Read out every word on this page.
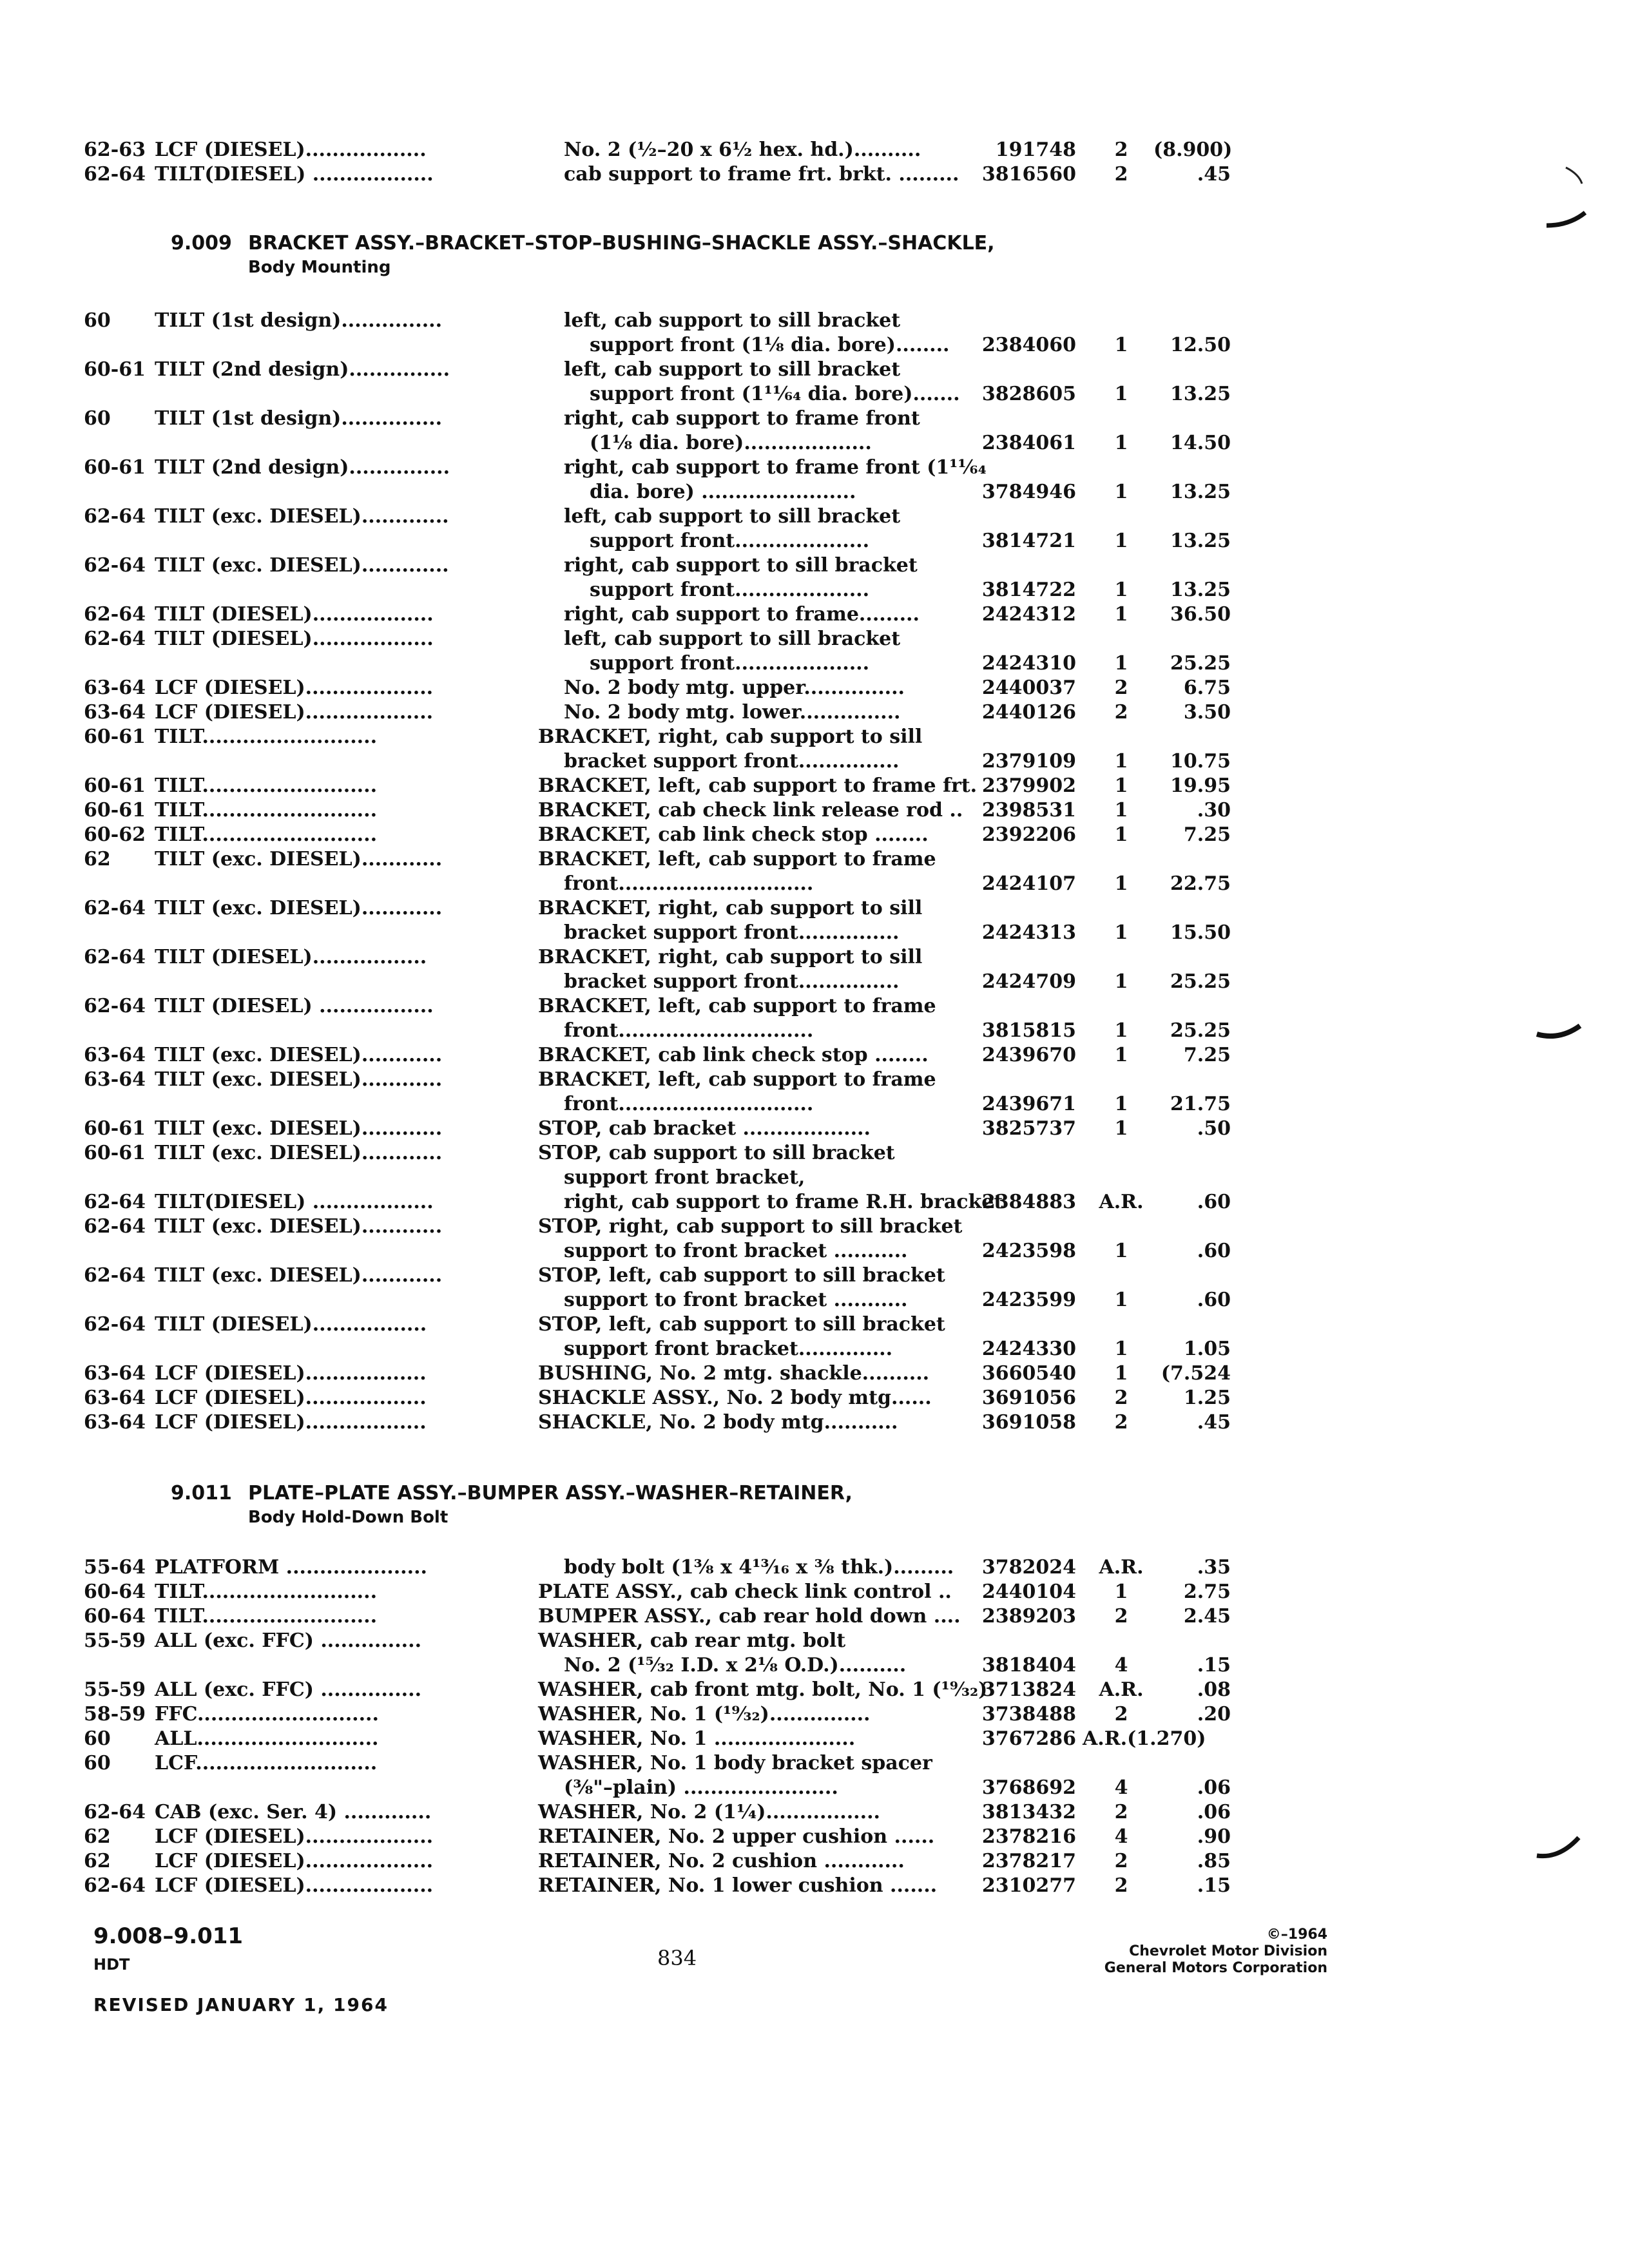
62-63 LCF (DIESEL)..................	No. 2 (½–20 x 6½ hex. hd.)..........	191748	2	(8.900)
62-64 TILT(DIESEL) ..................	cab support to frame frt. brkt. ......... 3816560	2	.45
9.009 BRACKET ASSY.–BRACKET–STOP–BUSHING–SHACKLE ASSY.–SHACKLE,
Body Mounting
60 TILT (1st design)...............	left, cab support to sill bracket
support front (1⅛ dia. bore)........ 2384060	1	12.50
60-61 TILT (2nd design)...............	left, cab support to sill bracket
support front (1¹¹⁄₆₄ dia. bore)....... 3828605	1	13.25
60 TILT (1st design)...............	right, cab support to frame front
(1⅛ dia. bore)...................	2384061	1	14.50
60-61 TILT (2nd design)...............	right, cab support to frame front (1¹¹⁄₆₄
dia. bore) .......................	3784946	1	13.25
62-64 TILT (exc. DIESEL).............	left, cab support to sill bracket
support front....................	3814721	1	13.25
62-64 TILT (exc. DIESEL).............	right, cab support to sill bracket
support front....................	3814722	1	13.25
62-64 TILT (DIESEL)..................	right, cab support to frame.........	2424312	1	36.50
62-64 TILT (DIESEL)..................	left, cab support to sill bracket
support front....................	2424310	1	25.25
63-64 LCF (DIESEL)...................	No. 2 body mtg. upper...............	2440037	2	6.75
63-64 LCF (DIESEL)...................	No. 2 body mtg. lower...............	2440126	2	3.50
60-61 TILT..........................	BRACKET, right, cab support to sill
bracket support front...............	2379109	1	10.75
60-61 TILT..........................	BRACKET, left, cab support to frame frt. 2379902	1	19.95
60-61 TILT..........................	BRACKET, cab check link release rod .. 2398531	1	.30
60-62 TILT..........................	BRACKET, cab link check stop ........	2392206	1	7.25
62 TILT (exc. DIESEL)............	BRACKET, left, cab support to frame
front.............................	2424107	1	22.75
62-64 TILT (exc. DIESEL)............	BRACKET, right, cab support to sill
bracket support front...............	2424313	1	15.50
62-64 TILT (DIESEL).................	BRACKET, right, cab support to sill
bracket support front...............	2424709	1	25.25
62-64 TILT (DIESEL) .................	BRACKET, left, cab support to frame
front.............................	3815815	1	25.25
63-64 TILT (exc. DIESEL)............	BRACKET, cab link check stop ........	2439670	1	7.25
63-64 TILT (exc. DIESEL)............	BRACKET, left, cab support to frame
front.............................	2439671	1	21.75
60-61 TILT (exc. DIESEL)............	STOP, cab bracket ...................	3825737	1	.50
60-61 TILT (exc. DIESEL)............	STOP, cab support to sill bracket
support front bracket,
62-64 TILT(DIESEL) ..................	right, cab support to frame R.H. bracket
2384883	A.R.	.60
62-64 TILT (exc. DIESEL)............	STOP, right, cab support to sill bracket
support to front bracket ...........	2423598	1	.60
62-64 TILT (exc. DIESEL)............	STOP, left, cab support to sill bracket
support to front bracket ...........	2423599	1	.60
62-64 TILT (DIESEL).................	STOP, left, cab support to sill bracket
support front bracket..............	2424330	1	1.05
63-64 LCF (DIESEL)..................	BUSHING, No. 2 mtg. shackle..........	3660540	1	(7.524
63-64 LCF (DIESEL)..................	SHACKLE ASSY., No. 2 body mtg......	3691056	2	1.25
63-64 LCF (DIESEL)..................	SHACKLE, No. 2 body mtg...........	3691058	2	.45
9.011 PLATE–PLATE ASSY.–BUMPER ASSY.–WASHER–RETAINER,
Body Hold-Down Bolt
55-64 PLATFORM .....................	body bolt (1⅜ x 4¹³⁄₁₆ x ⅜ thk.)......... 3782024	A.R.	.35
60-64 TILT..........................	PLATE ASSY., cab check link control .. 2440104	1	2.75
60-64 TILT..........................	BUMPER ASSY., cab rear hold down .... 2389203	2	2.45
55-59 ALL (exc. FFC) ...............	WASHER, cab rear mtg. bolt
No. 2 (¹⁵⁄₃₂ I.D. x 2⅛ O.D.)..........	3818404	4	.15
55-59 ALL (exc. FFC) ...............	WASHER, cab front mtg. bolt, No. 1 (¹⁹⁄₃₂)
3713824	A.R.	.08
58-59 FFC...........................	WASHER, No. 1 (¹⁹⁄₃₂)...............	3738488	2	.20
60 ALL...........................	WASHER, No. 1 .....................	3767286 A.R.(1.270)
60 LCF...........................	WASHER, No. 1 body bracket spacer
(⅜"–plain) .......................	3768692	4	.06
62-64 CAB (exc. Ser. 4) .............	WASHER, No. 2 (1¼).................	3813432	2	.06
62 LCF (DIESEL)...................	RETAINER, No. 2 upper cushion ...... 2378216	4	.90
62 LCF (DIESEL)...................	RETAINER, No. 2 cushion ............	2378217	2	.85
62-64 LCF (DIESEL)...................	RETAINER, No. 1 lower cushion ....... 2310277	2	.15
9.008–9.011
HDT	834
©–1964
Chevrolet Motor Division
General Motors Corporation
REVISED JANUARY 1, 1964
